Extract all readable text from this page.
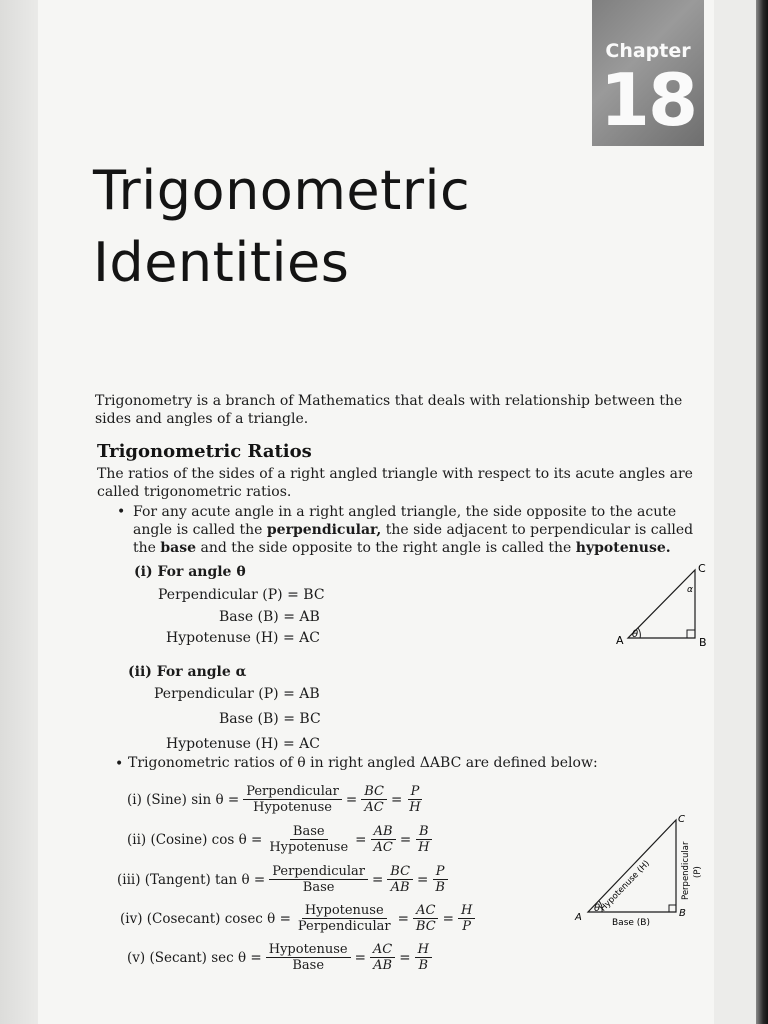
Chapter
18
Trigonometric
Identities
Trigonometry is a branch of Mathematics that deals with relationship between the sides and angles of a triangle.
Trigonometric Ratios
The ratios of the sides of a right angled triangle with respect to its acute angles are called trigonometric ratios.
• For any acute angle in a right angled triangle, the side opposite to the acute angle is called the perpendicular, the side adjacent to perpendicular is called the base and the side opposite to the right angle is called the hypotenuse.
(i) For angle θ
Perpendicular (P) = BC
Base (B) = AB
Hypotenuse (H) = AC
(ii) For angle α
Perpendicular (P) = AB
Base (B) = BC
Hypotenuse (H) = AC
• Trigonometric ratios of θ in right angled ΔABC are defined below:
(i) (Sine) $\sin \theta = \frac{\text{Perpendicular}}{\text{Hypotenuse}} = \frac{BC}{AC} = \frac{P}{H}$
(ii) (Cosine) $\cos \theta = \frac{\text{Base}}{\text{Hypotenuse}} = \frac{AB}{AC} = \frac{B}{H}$
(iii) (Tangent) $\tan \theta = \frac{\text{Perpendicular}}{\text{Base}} = \frac{BC}{AB} = \frac{P}{B}$
(iv) (Cosecant) cosec $\theta = \frac{\text{Hypotenuse}}{\text{Perpendicular}} = \frac{AC}{BC} = \frac{H}{P}$
(v) (Secant) $\sec \theta = \frac{\text{Hypotenuse}}{\text{Base}} = \frac{AC}{AB} = \frac{H}{B}$
A	B
C
θ
α
A	B
C
θ
Hypotenuse (H)	Perpendicular (P)
Base (B)
